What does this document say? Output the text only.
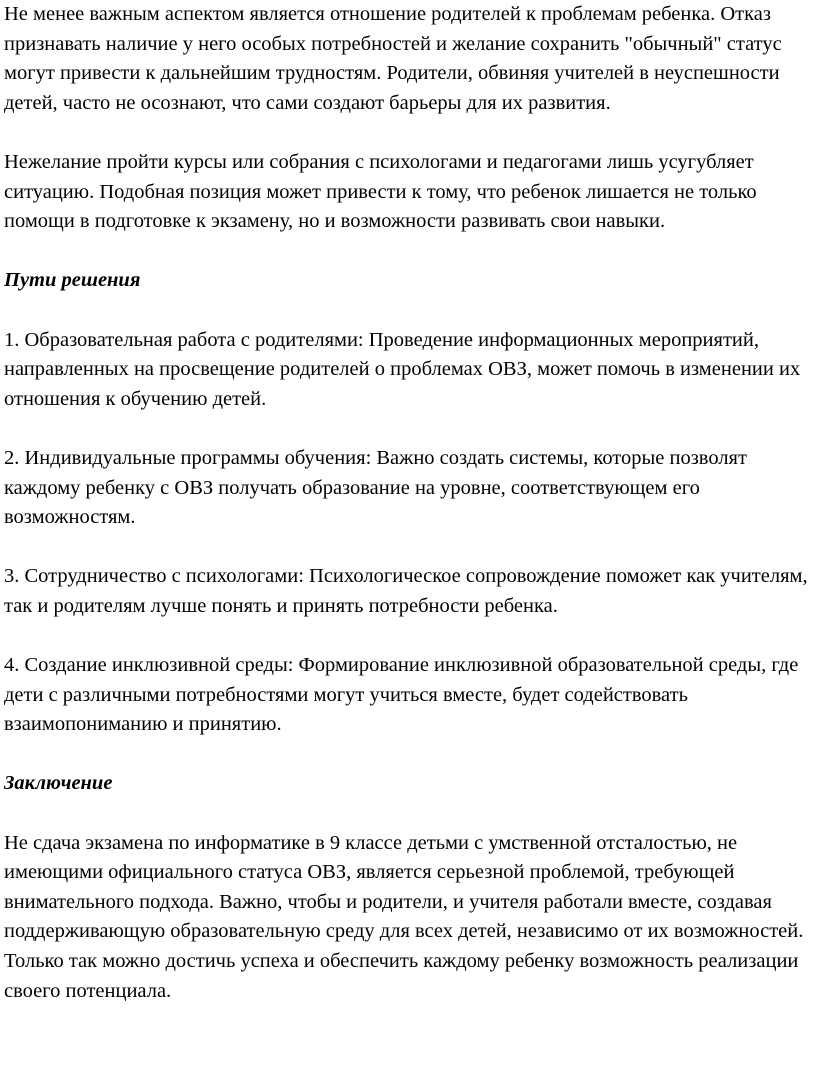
Не менее важным аспектом является отношение родителей к проблемам ребенка. Отказ признавать наличие у него особых потребностей и желание сохранить "обычный" статус могут привести к дальнейшим трудностям. Родители, обвиняя учителей в неуспешности детей, часто не осознают, что сами создают барьеры для их развития.

Нежелание пройти курсы или собрания с психологами и педагогами лишь усугубляет ситуацию. Подобная позиция может привести к тому, что ребенок лишается не только помощи в подготовке к экзамену, но и возможности развивать свои навыки.

Пути решения

1. Образовательная работа с родителями: Проведение информационных мероприятий, направленных на просвещение родителей о проблемах ОВЗ, может помочь в изменении их отношения к обучению детей.

2. Индивидуальные программы обучения: Важно создать системы, которые позволят каждому ребенку с ОВЗ получать образование на уровне, соответствующем его возможностям.

3. Сотрудничество с психологами: Психологическое сопровождение поможет как учителям, так и родителям лучше понять и принять потребности ребенка.

4. Создание инклюзивной среды: Формирование инклюзивной образовательной среды, где дети с различными потребностями могут учиться вместе, будет содействовать взаимопониманию и принятию.

Заключение

Не сдача экзамена по информатике в 9 классе детьми с умственной отсталостью, не имеющими официального статуса ОВЗ, является серьезной проблемой, требующей внимательного подхода. Важно, чтобы и родители, и учителя работали вместе, создавая поддерживающую образовательную среду для всех детей, независимо от их возможностей. Только так можно достичь успеха и обеспечить каждому ребенку возможность реализации своего потенциала.
